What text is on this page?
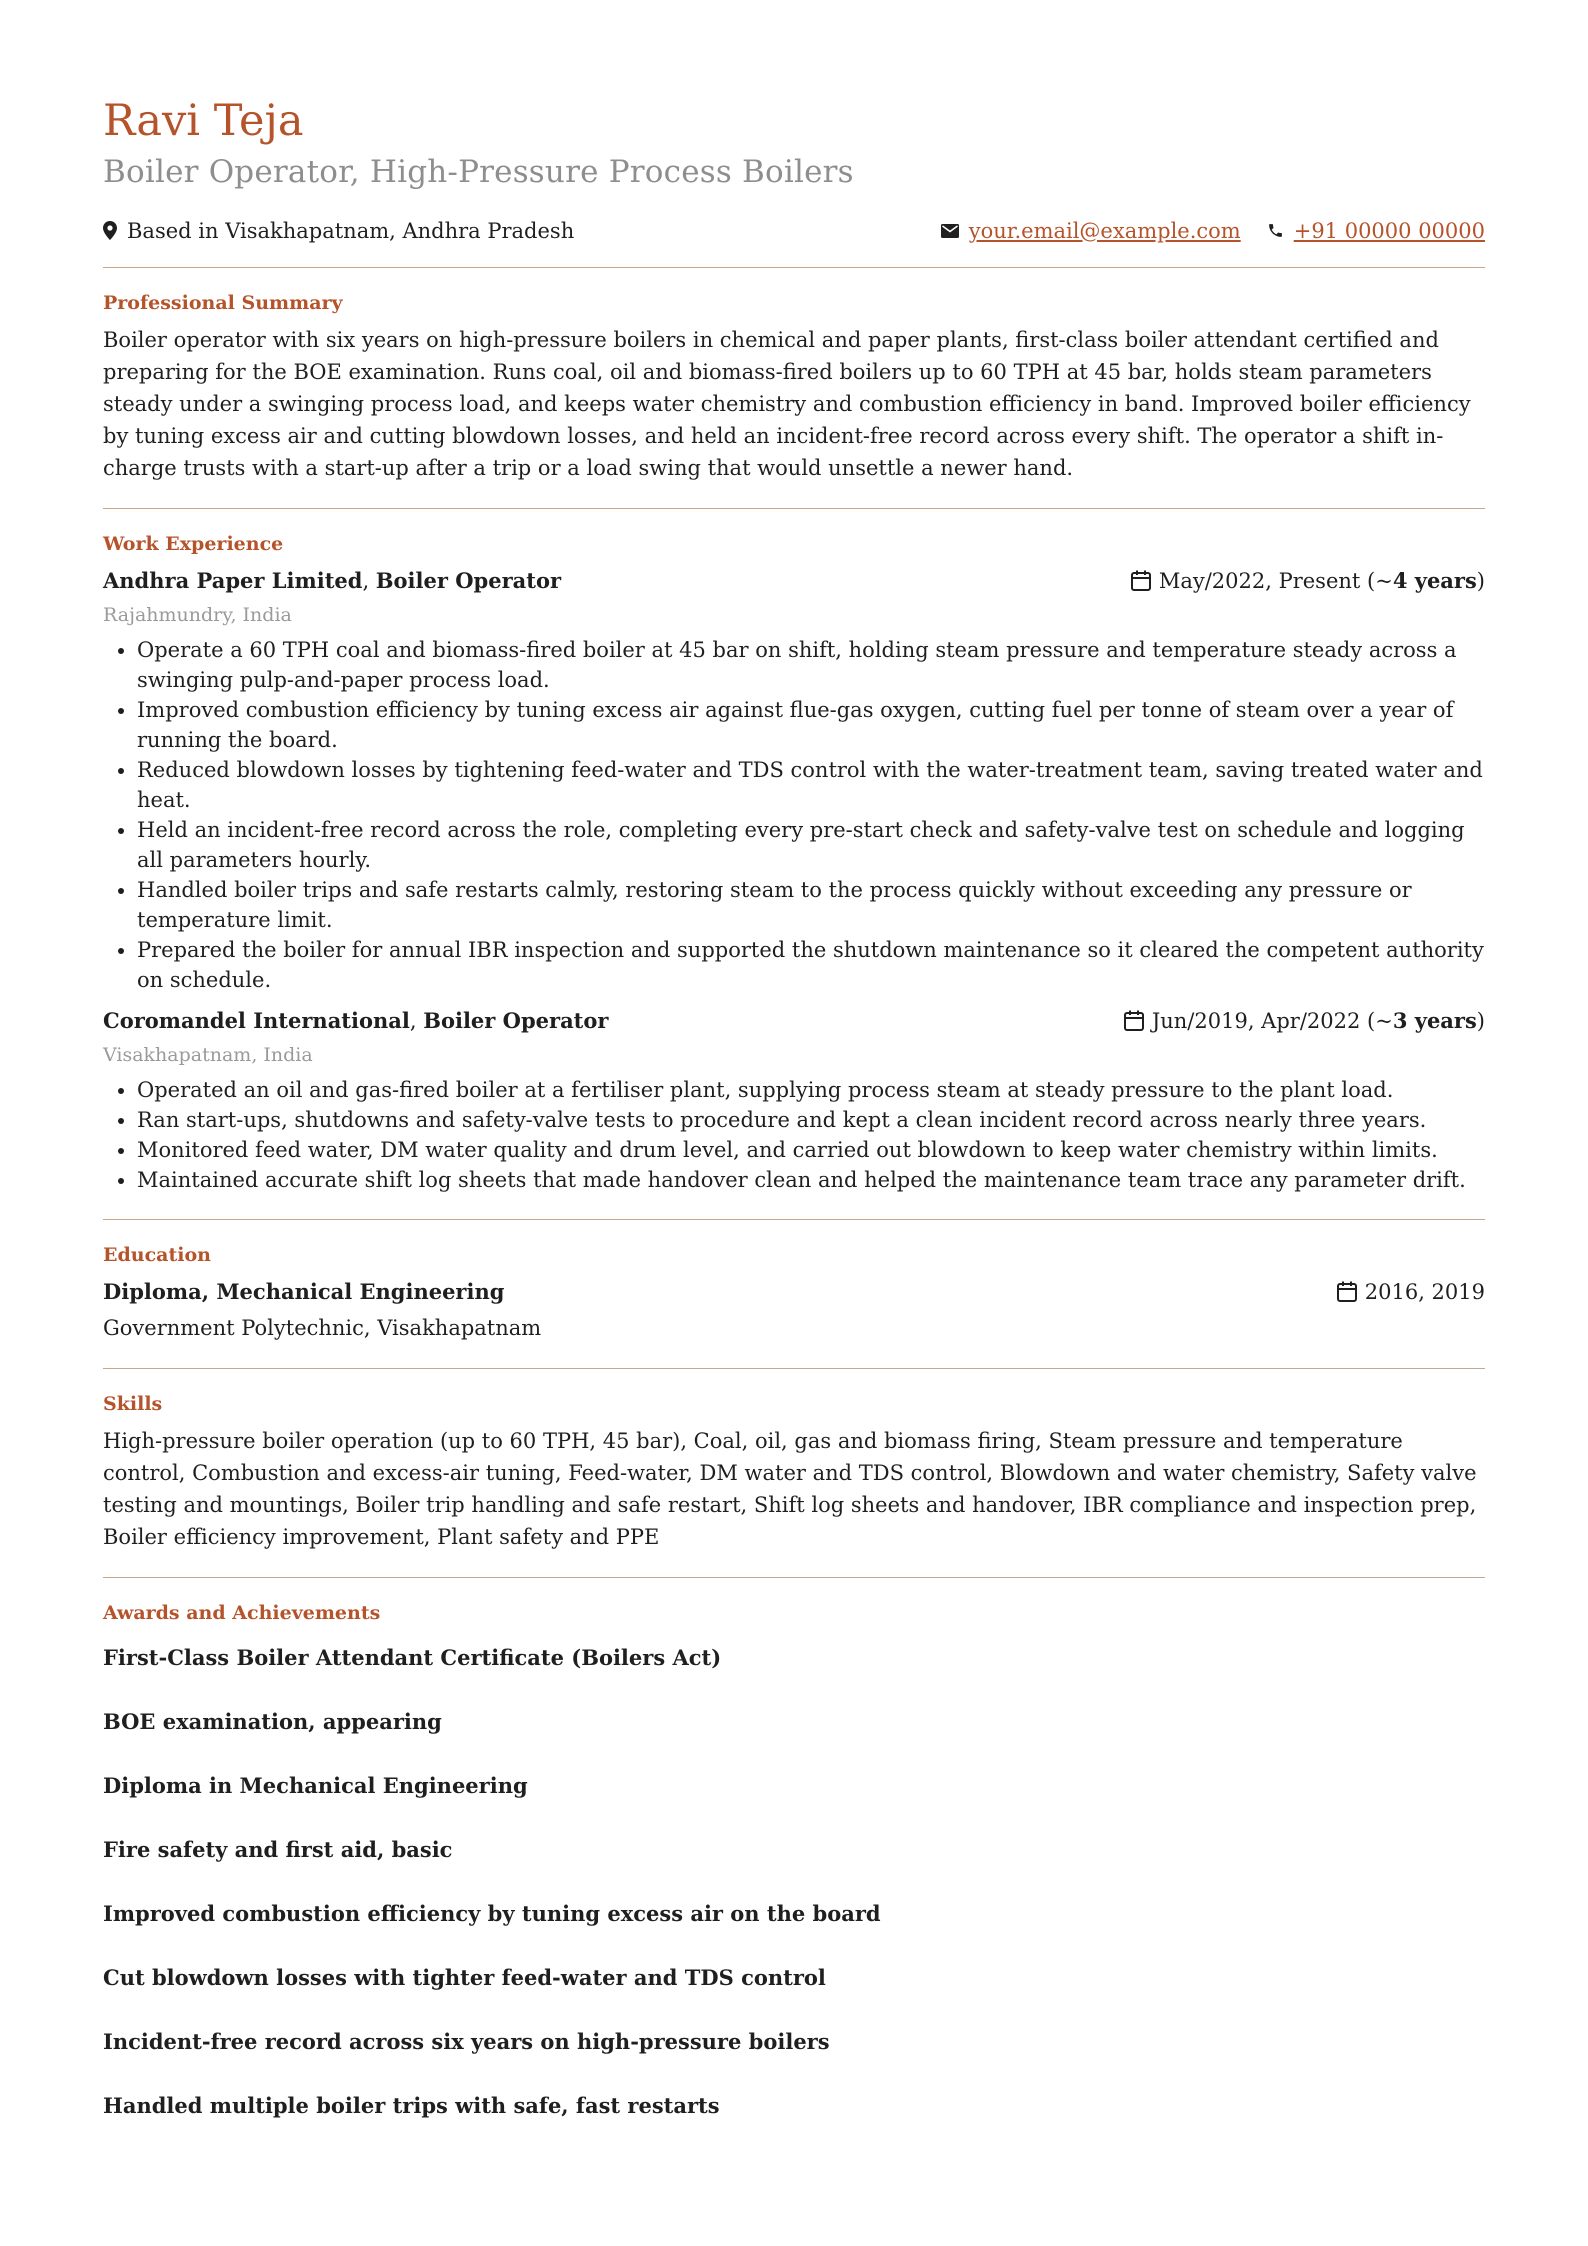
Ravi Teja
Boiler Operator, High-Pressure Process Boilers
Based in Visakhapatnam, Andhra Pradesh	your.email@example.com	+91 00000 00000
Professional Summary

Boiler operator with six years on high-pressure boilers in chemical and paper plants, first-class boiler attendant certified and preparing for the BOE examination. Runs coal, oil and biomass-fired boilers up to 60 TPH at 45 bar, holds steam parameters steady under a swinging process load, and keeps water chemistry and combustion efficiency in band. Improved boiler efficiency by tuning excess air and cutting blowdown losses, and held an incident-free record across every shift. The operator a shift in-charge trusts with a start-up after a trip or a load swing that would unsettle a newer hand.

Work Experience
Andhra Paper Limited, Boiler Operator	May/2022, Present (~ 4 years )
Rajahmundry, India
• Operate a 60 TPH coal and biomass-fired boiler at 45 bar on shift, holding steam pressure and temperature steady across a swinging pulp-and-paper process load.
• Improved combustion efficiency by tuning excess air against flue-gas oxygen, cutting fuel per tonne of steam over a year of running the board.
• Reduced blowdown losses by tightening feed-water and TDS control with the water-treatment team, saving treated water and heat.
• Held an incident-free record across the role, completing every pre-start check and safety-valve test on schedule and logging all parameters hourly.
• Handled boiler trips and safe restarts calmly, restoring steam to the process quickly without exceeding any pressure or temperature limit.
• Prepared the boiler for annual IBR inspection and supported the shutdown maintenance so it cleared the competent authority on schedule.
Coromandel International, Boiler Operator	Jun/2019, Apr/2022 (~ 3 years )
Visakhapatnam, India
• Operated an oil and gas-fired boiler at a fertiliser plant, supplying process steam at steady pressure to the plant load.
• Ran start-ups, shutdowns and safety-valve tests to procedure and kept a clean incident record across nearly three years.
• Monitored feed water, DM water quality and drum level, and carried out blowdown to keep water chemistry within limits.
• Maintained accurate shift log sheets that made handover clean and helped the maintenance team trace any parameter drift.
Education
Diploma, Mechanical Engineering	2016, 2019
Government Polytechnic, Visakhapatnam
Skills

High-pressure boiler operation (up to 60 TPH, 45 bar), Coal, oil, gas and biomass firing, Steam pressure and temperature control, Combustion and excess-air tuning, Feed-water, DM water and TDS control, Blowdown and water chemistry, Safety valve testing and mountings, Boiler trip handling and safe restart, Shift log sheets and handover, IBR compliance and inspection prep, Boiler efficiency improvement, Plant safety and PPE

Awards and Achievements

First-Class Boiler Attendant Certificate (Boilers Act)

BOE examination, appearing

Diploma in Mechanical Engineering

Fire safety and first aid, basic

Improved combustion efficiency by tuning excess air on the board

Cut blowdown losses with tighter feed-water and TDS control

Incident-free record across six years on high-pressure boilers

Handled multiple boiler trips with safe, fast restarts
